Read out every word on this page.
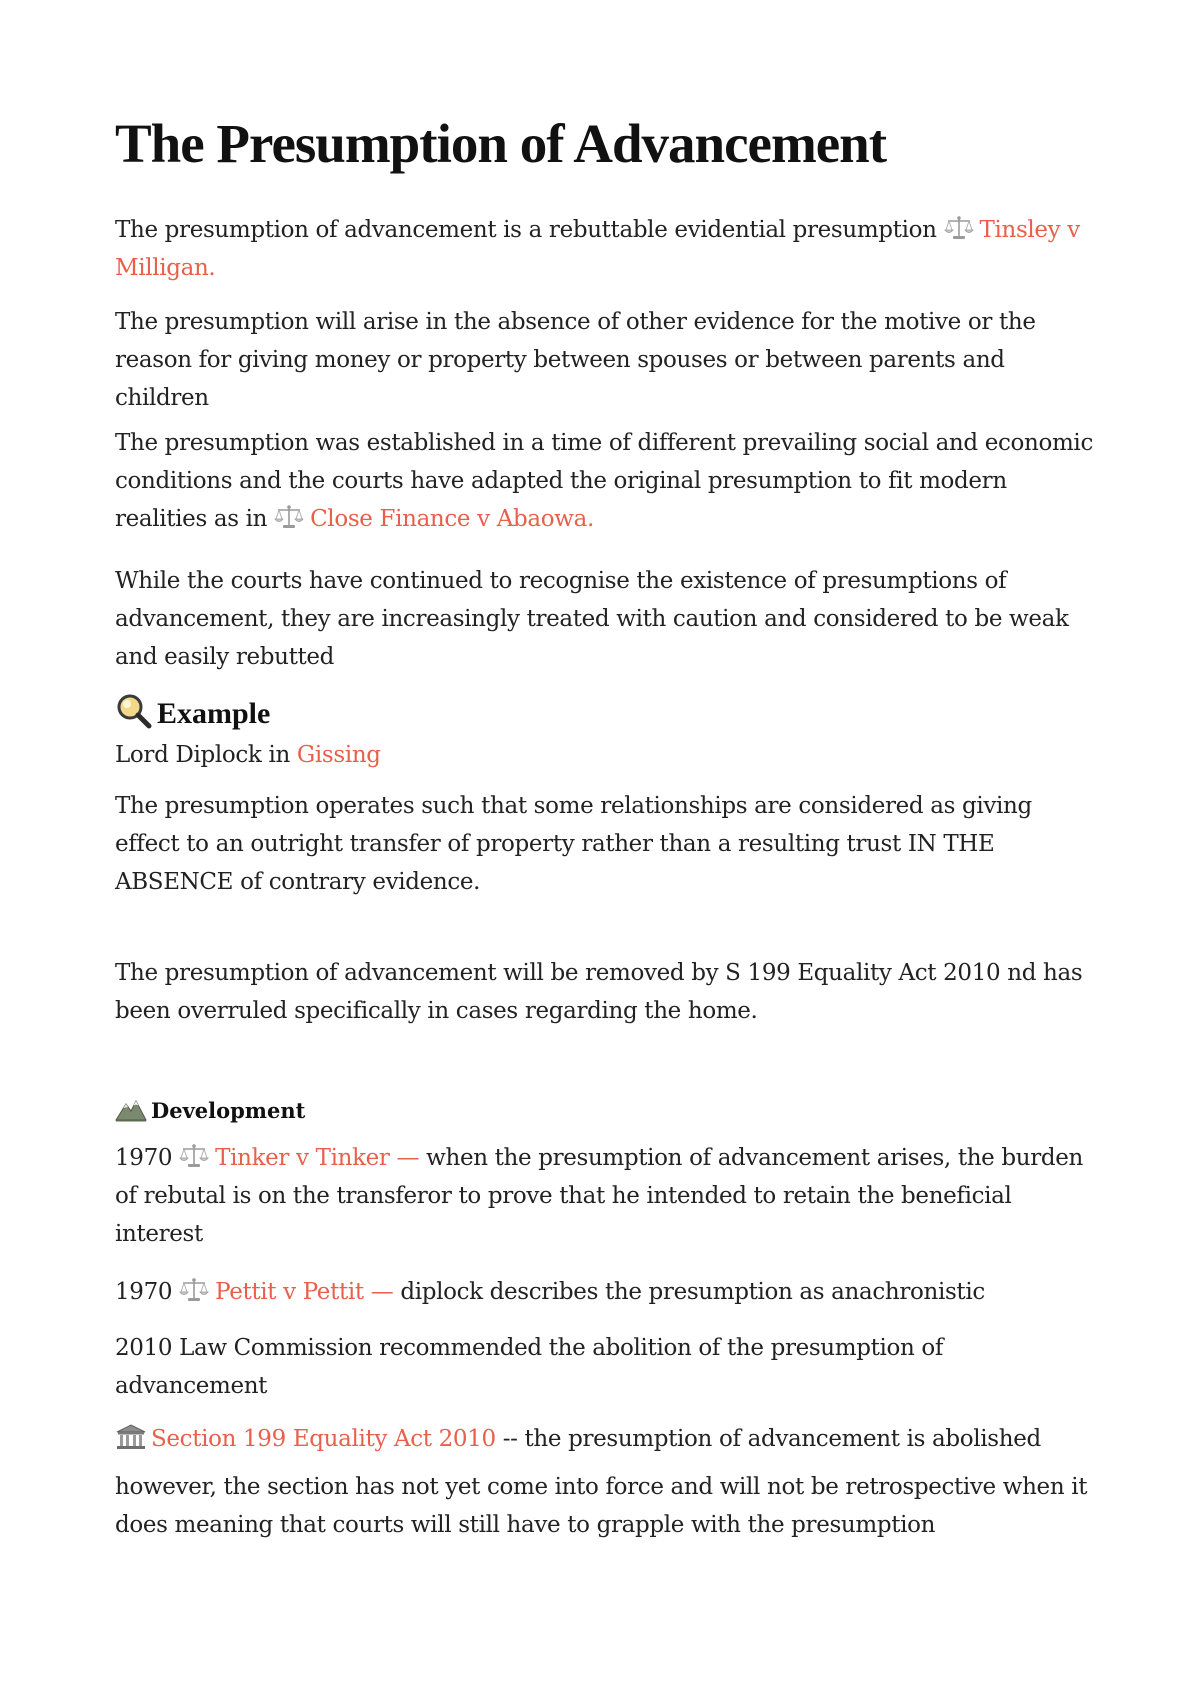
The Presumption of Advancement

The presumption of advancement is a rebuttable evidential presumption Tinsley v Milligan.

The presumption will arise in the absence of other evidence for the motive or the reason for giving money or property between spouses or between parents and children

The presumption was established in a time of different prevailing social and economic conditions and the courts have adapted the original presumption to fit modern realities as in Close Finance v Abaowa.

While the courts have continued to recognise the existence of presumptions of advancement, they are increasingly treated with caution and considered to be weak and easily rebutted

Example

Lord Diplock in Gissing

The presumption operates such that some relationships are considered as giving effect to an outright transfer of property rather than a resulting trust IN THE ABSENCE of contrary evidence.

The presumption of advancement will be removed by S 199 Equality Act 2010 nd has been overruled specifically in cases regarding the home.

Development

1970 Tinker v Tinker — when the presumption of advancement arises, the burden of rebutal is on the transferor to prove that he intended to retain the beneficial interest

1970 Pettit v Pettit — diplock describes the presumption as anachronistic

2010 Law Commission recommended the abolition of the presumption of advancement

Section 199 Equality Act 2010 -- the presumption of advancement is abolished

however, the section has not yet come into force and will not be retrospective when it does meaning that courts will still have to grapple with the presumption
